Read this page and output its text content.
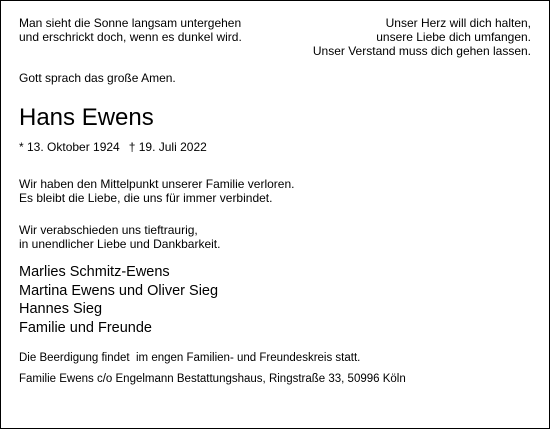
Man sieht die Sonne langsam untergehen
und erschrickt doch, wenn es dunkel wird.
Unser Herz will dich halten,
unsere Liebe dich umfangen.
Unser Verstand muss dich gehen lassen.
Gott sprach das große Amen.
Hans Ewens
* 13. Oktober 1924 † 19. Juli 2022
Wir haben den Mittelpunkt unserer Familie verloren.
Es bleibt die Liebe, die uns für immer verbindet.
Wir verabschieden uns tieftraurig,
in unendlicher Liebe und Dankbarkeit.
Marlies Schmitz-Ewens
Martina Ewens und Oliver Sieg
Hannes Sieg
Familie und Freunde
Die Beerdigung findet  im engen Familien- und Freundeskreis statt.
Familie Ewens c/o Engelmann Bestattungshaus, Ringstraße 33, 50996 Köln
